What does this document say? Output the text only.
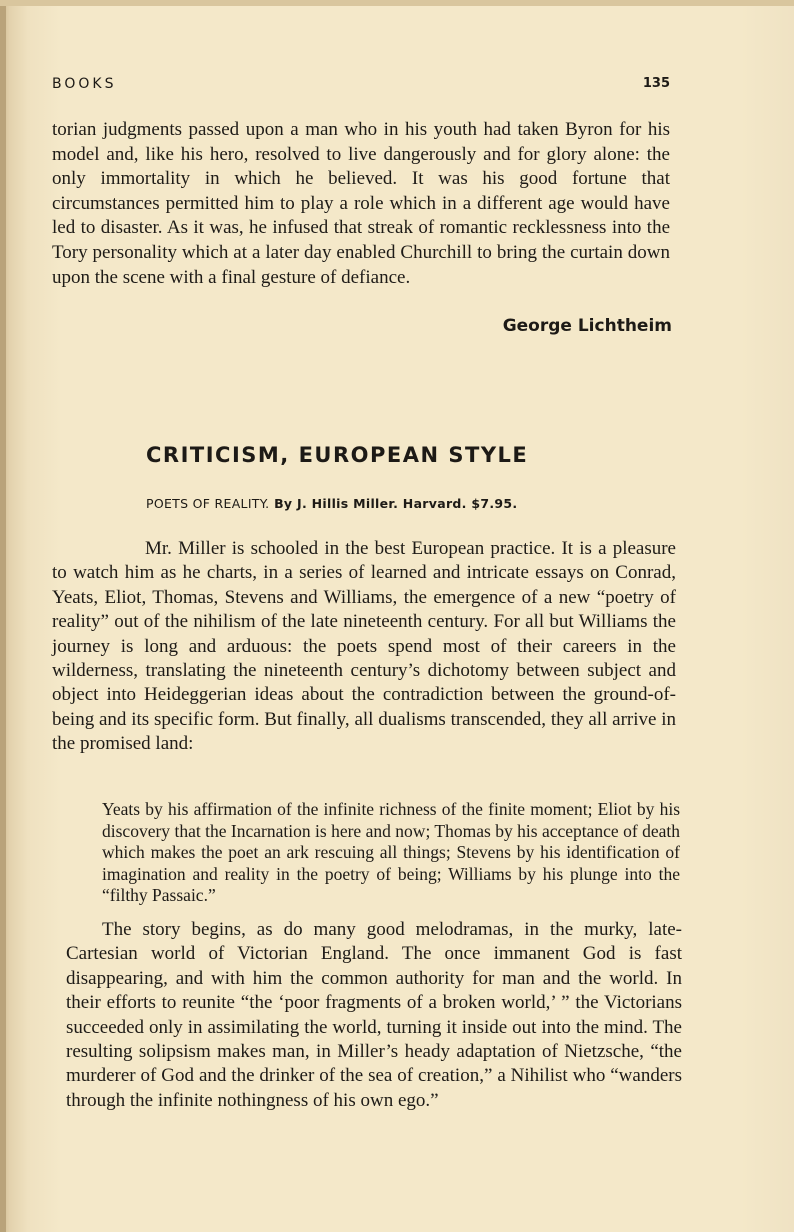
BOOKS	135

torian judgments passed upon a man who in his youth had taken Byron for his model and, like his hero, resolved to live dangerously and for glory alone: the only immortality in which he believed. It was his good fortune that circumstances permitted him to play a role which in a different age would have led to disaster. As it was, he infused that streak of romantic recklessness into the Tory personality which at a later day enabled Churchill to bring the curtain down upon the scene with a final gesture of defiance.

George Lichtheim
CRITICISM, EUROPEAN STYLE
POETS OF REALITY. By J. Hillis Miller. Harvard. $7.95.

Mr. Miller is schooled in the best European practice. It is a pleasure to watch him as he charts, in a series of learned and intricate essays on Conrad, Yeats, Eliot, Thomas, Stevens and Williams, the emergence of a new “poetry of reality” out of the nihilism of the late nineteenth century. For all but Williams the journey is long and arduous: the poets spend most of their careers in the wilderness, translating the nineteenth century’s dichotomy between subject and object into Heideggerian ideas about the contradiction between the ground-of-being and its specific form. But finally, all dualisms transcended, they all arrive in the promised land:

Yeats by his affirmation of the infinite richness of the finite moment; Eliot by his discovery that the Incarnation is here and now; Thomas by his acceptance of death which makes the poet an ark rescuing all things; Stevens by his identification of imagination and reality in the poetry of being; Williams by his plunge into the “filthy Passaic.”

The story begins, as do many good melodramas, in the murky, late-Cartesian world of Victorian England. The once immanent God is fast disappearing, and with him the common authority for man and the world. In their efforts to reunite “the ‘poor fragments of a broken world,’ ” the Victorians succeeded only in assimilating the world, turning it inside out into the mind. The resulting solipsism makes man, in Miller’s heady adaptation of Nietzsche, “the murderer of God and the drinker of the sea of creation,” a Nihilist who “wanders through the infinite nothingness of his own ego.”
